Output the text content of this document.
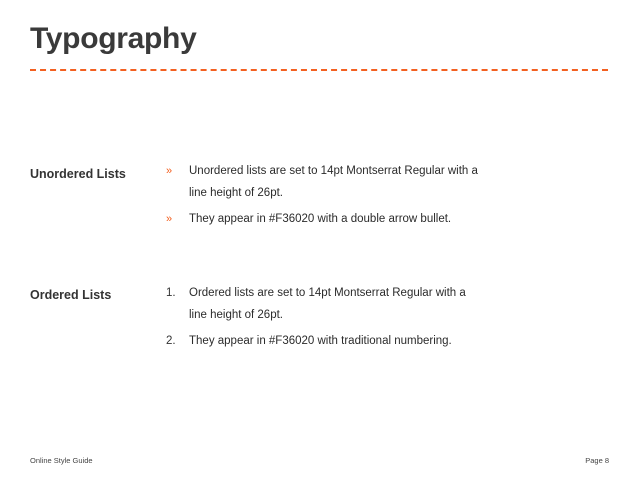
Typography

Unordered Lists	» Unordered lists are set to 14pt Montserrat Regular with a line height of 26pt.
» They appear in #F36020 with a double arrow bullet.

Ordered Lists	1. Ordered lists are set to 14pt Montserrat Regular with a line height of 26pt.
2. They appear in #F36020 with traditional numbering.
Online Style Guide	Page 8
